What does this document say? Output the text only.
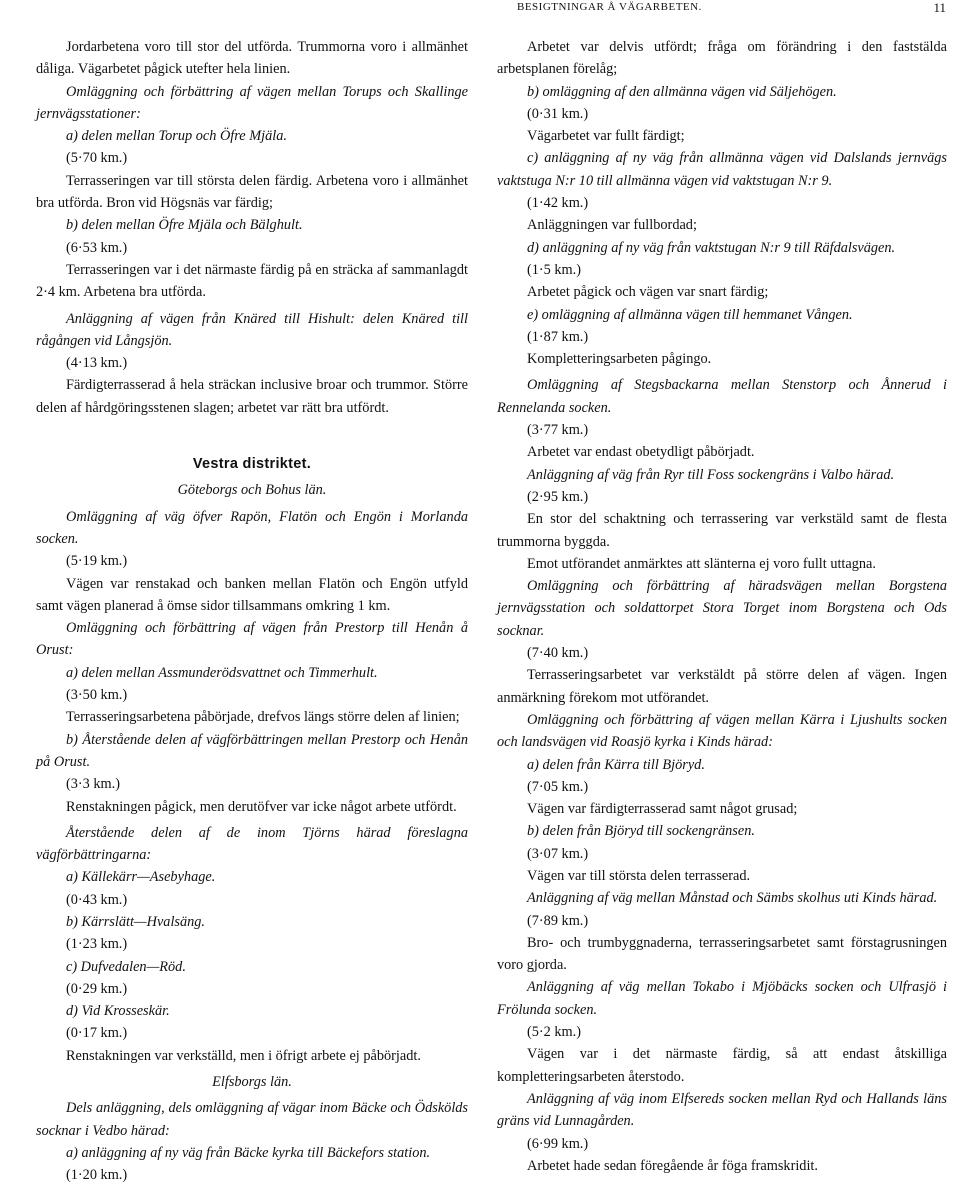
BESIGTNINGAR Å VÄGARBETEN.	11

Jordarbetena voro till stor del utförda. Trummorna voro i allmänhet dåliga. Vägarbetet pågick utefter hela linien.

Omläggning och förbättring af vägen mellan Torups och Skallinge jernvägsstationer:

a) delen mellan Torup och Öfre Mjäla.

(5·70 km.)

Terrasseringen var till största delen färdig. Arbetena voro i allmänhet bra utförda. Bron vid Högsnäs var färdig;

b) delen mellan Öfre Mjäla och Bälghult.

(6·53 km.)

Terrasseringen var i det närmaste färdig på en sträcka af sammanlagdt 2·4 km. Arbetena bra utförda.

Anläggning af vägen från Knäred till Hishult: delen Knäred till rågången vid Långsjön.

(4·13 km.)

Färdigterrasserad å hela sträckan inclusive broar och trummor. Större delen af hårdgöringsstenen slagen; arbetet var rätt bra utfördt.

Vestra distriktet.

Göteborgs och Bohus län.

Omläggning af väg öfver Rapön, Flatön och Engön i Morlanda socken.

(5·19 km.)

Vägen var renstakad och banken mellan Flatön och Engön utfyld samt vägen planerad å ömse sidor tillsammans omkring 1 km.

Omläggning och förbättring af vägen från Prestorp till Henån å Orust:

a) delen mellan Assmunderödsvattnet och Timmerhult.

(3·50 km.)

Terrasseringsarbetena påbörjade, drefvos längs större delen af linien;

b) Återstående delen af vägförbättringen mellan Prestorp och Henån på Orust.

(3·3 km.)

Renstakningen pågick, men derutöfver var icke något arbete utfördt.

Återstående delen af de inom Tjörns härad föreslagna vägförbättringarna:

a) Källekärr—Asebyhage.

(0·43 km.)

b) Kärrslätt—Hvalsäng.

(1·23 km.)

c) Dufvedalen—Röd.

(0·29 km.)

d) Vid Krosseskär.

(0·17 km.)

Renstakningen var verkställd, men i öfrigt arbete ej påbörjadt.

Elfsborgs län.

Dels anläggning, dels omläggning af vägar inom Bäcke och Ödskölds socknar i Vedbo härad:

a) anläggning af ny väg från Bäcke kyrka till Bäckefors station.

(1·20 km.)

Arbetet var delvis utfördt; fråga om förändring i den faststälda arbetsplanen förelåg;

b) omläggning af den allmänna vägen vid Säljehögen.

(0·31 km.)

Vägarbetet var fullt färdigt;

c) anläggning af ny väg från allmänna vägen vid Dalslands jernvägs vaktstuga N:r 10 till allmänna vägen vid vaktstugan N:r 9.

(1·42 km.)

Anläggningen var fullbordad;

d) anläggning af ny väg från vaktstugan N:r 9 till Räfdalsvägen.

(1·5 km.)

Arbetet pågick och vägen var snart färdig;

e) omläggning af allmänna vägen till hemmanet Vången.

(1·87 km.)

Kompletteringsarbeten pågingo.

Omläggning af Stegsbackarna mellan Stenstorp och Ånnerud i Rennelanda socken.

(3·77 km.)

Arbetet var endast obetydligt påbörjadt.

Anläggning af väg från Ryr till Foss sockengräns i Valbo härad.

(2·95 km.)

En stor del schaktning och terrassering var verkstäld samt de flesta trummorna byggda.

Emot utförandet anmärktes att slänterna ej voro fullt uttagna.

Omläggning och förbättring af häradsvägen mellan Borgstena jernvägsstation och soldattorpet Stora Torget inom Borgstena och Ods socknar.

(7·40 km.)

Terrasseringsarbetet var verkstäldt på större delen af vägen. Ingen anmärkning förekom mot utförandet.

Omläggning och förbättring af vägen mellan Kärra i Ljushults socken och landsvägen vid Roasjö kyrka i Kinds härad:

a) delen från Kärra till Björyd.

(7·05 km.)

Vägen var färdigterrasserad samt något grusad;

b) delen från Björyd till sockengränsen.

(3·07 km.)

Vägen var till största delen terrasserad.

Anläggning af väg mellan Månstad och Sämbs skolhus uti Kinds härad.

(7·89 km.)

Bro- och trumbyggnaderna, terrasseringsarbetet samt förstagrusningen voro gjorda.

Anläggning af väg mellan Tokabo i Mjöbäcks socken och Ulfrasjö i Frölunda socken.

(5·2 km.)

Vägen var i det närmaste färdig, så att endast åtskilliga kompletteringsarbeten återstodo.

Anläggning af väg inom Elfsereds socken mellan Ryd och Hallands läns gräns vid Lunnagården.

(6·99 km.)

Arbetet hade sedan föregående år föga framskridit.
